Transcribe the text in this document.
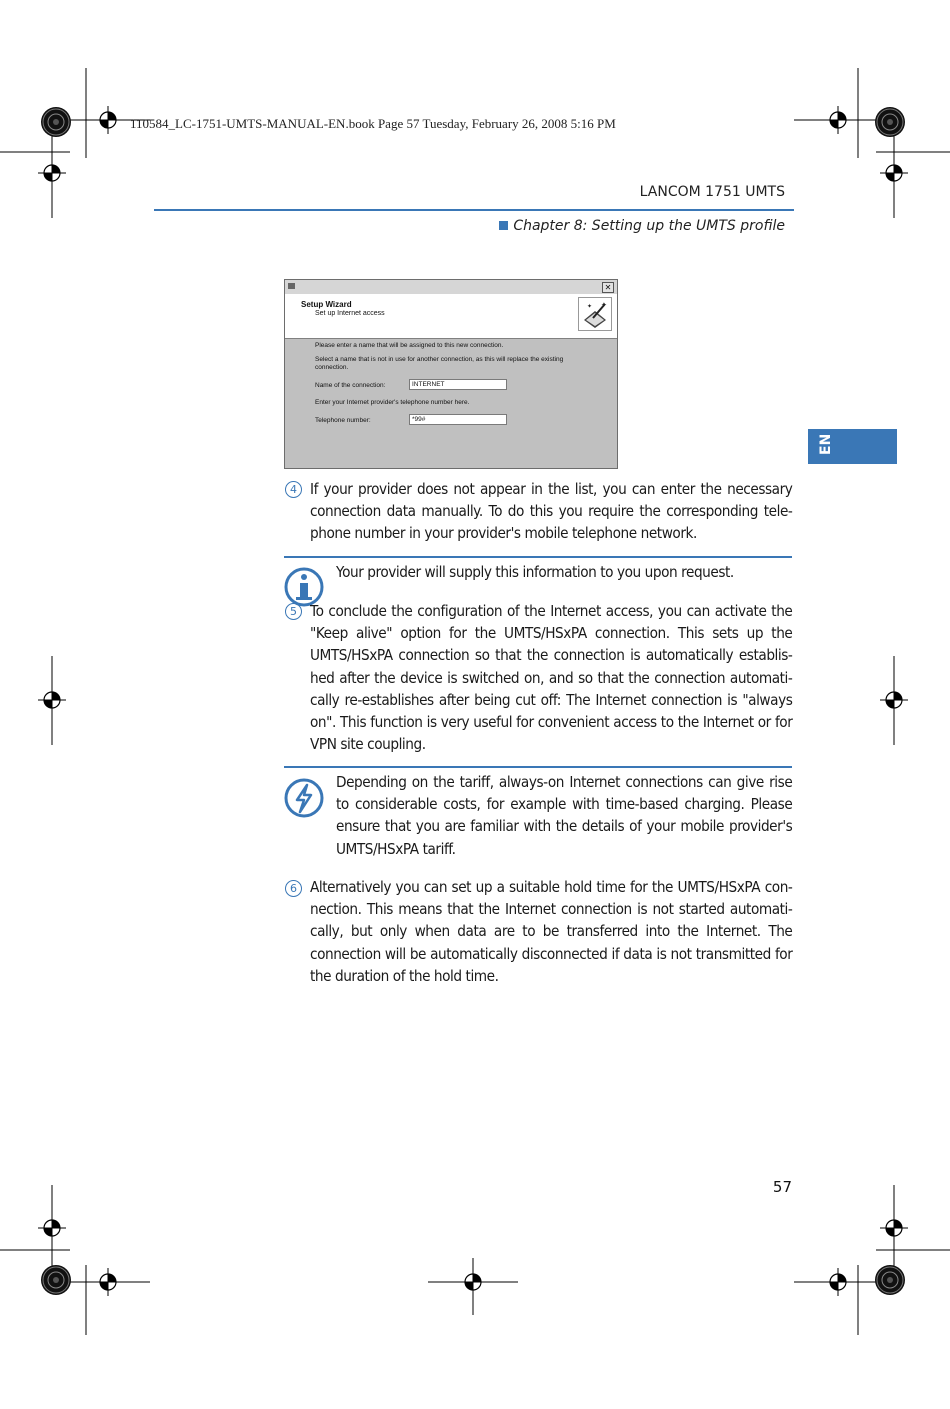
110584_LC-1751-UMTS-MANUAL-EN.book Page 57 Tuesday, February 26, 2008 5:16 PM
LANCOM 1751 UMTS
Chapter 8: Setting up the UMTS profile
EN
✕
Setup Wizard
Set up Internet access
✦
✦
Please enter a name that will be assigned to this new connection.
Select a name that is not in use for another connection, as this will replace the existing
connection.
Name of the connection:	INTERNET
Enter your Internet provider's telephone number here.
Telephone number:	*99#
4 If your provider does not appear in the list, you can enter the necessary connection data manually. To do this you require the corresponding tele-phone number in your provider's mobile telephone network.
Your provider will supply this information to you upon request.
5 To conclude the configuration of the Internet access, you can activate the "Keep alive" option for the UMTS/HSxPA connection. This sets up the UMTS/HSxPA connection so that the connection is automatically establis-hed after the device is switched on, and so that the connection automati-cally re-establishes after being cut off: The Internet connection is "always on". This function is very useful for convenient access to the Internet or for VPN site coupling.
Depending on the tariff, always-on Internet connections can give rise to considerable costs, for example with time-based charging. Please ensure that you are familiar with the details of your mobile provider's UMTS/HSxPA tariff.
6 Alternatively you can set up a suitable hold time for the UMTS/HSxPA con-nection. This means that the Internet connection is not started automati-cally, but only when data are to be transferred into the Internet. The connection will be automatically disconnected if data is not transmitted for the duration of the hold time.
57
